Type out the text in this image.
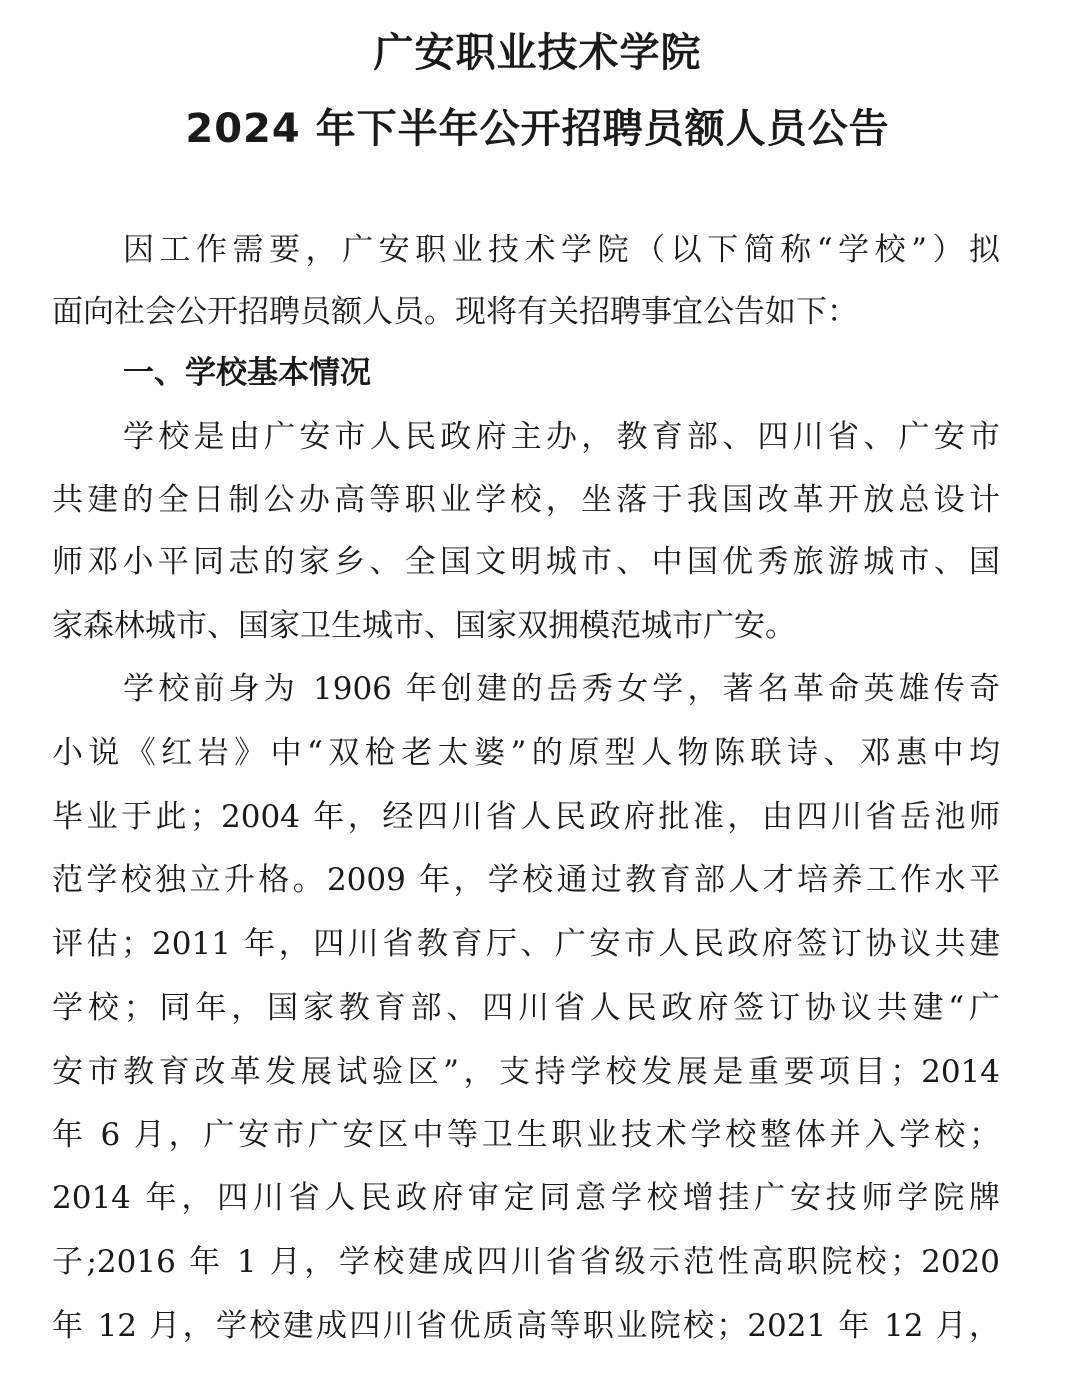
广安职业技术学院
2024 年下半年公开招聘员额人员公告
因工作需要，广安职业技术学院（以下简称“学校”）拟
面向社会公开招聘员额人员。现将有关招聘事宜公告如下：
一、学校基本情况
学校是由广安市人民政府主办，教育部、四川省、广安市
共建的全日制公办高等职业学校，坐落于我国改革开放总设计
师邓小平同志的家乡、全国文明城市、中国优秀旅游城市、国
家森林城市、国家卫生城市、国家双拥模范城市广安。
学校前身为 1906 年创建的岳秀女学，著名革命英雄传奇
小说《红岩》中“双枪老太婆”的原型人物陈联诗、邓惠中均
毕业于此；2004 年，经四川省人民政府批准，由四川省岳池师
范学校独立升格。2009 年，学校通过教育部人才培养工作水平
评估；2011 年，四川省教育厅、广安市人民政府签订协议共建
学校；同年，国家教育部、四川省人民政府签订协议共建“广
安市教育改革发展试验区”，支持学校发展是重要项目；2014
年 6 月，广安市广安区中等卫生职业技术学校整体并入学校；
2014 年，四川省人民政府审定同意学校增挂广安技师学院牌
子;2016 年 1 月，学校建成四川省省级示范性高职院校；2020
年 12 月，学校建成四川省优质高等职业院校；2021 年 12 月，
